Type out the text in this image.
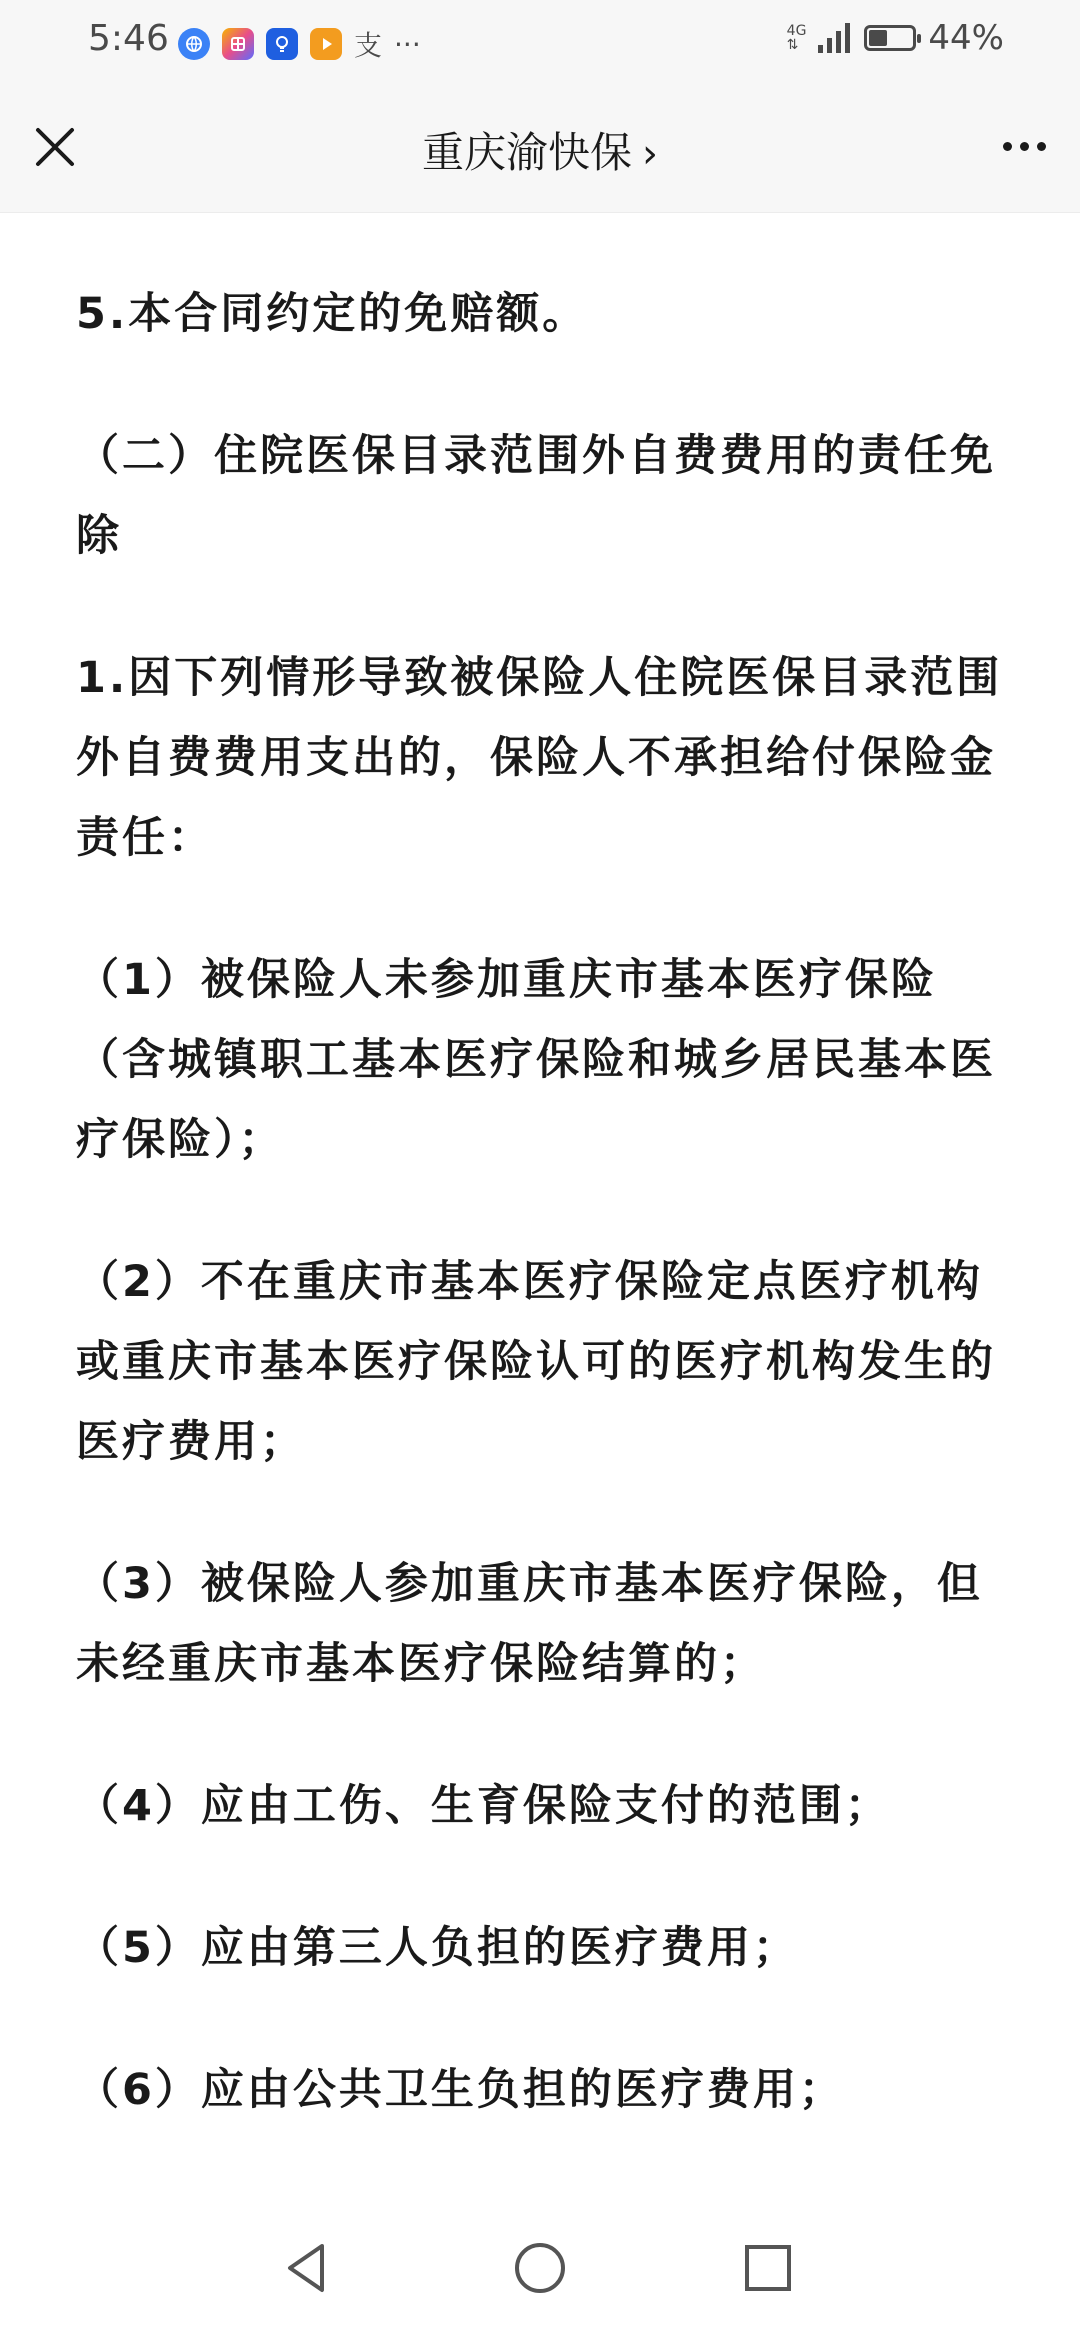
5:46	支 ···	4G
⇅	44%
重庆渝快保 ›

5.本合同约定的免赔额。

（二）住院医保目录范围外自费费用的责任免除

1.因下列情形导致被保险人住院医保目录范围外自费费用支出的，保险人不承担给付保险金责任：

（1）被保险人未参加重庆市基本医疗保险（含城镇职工基本医疗保险和城乡居民基本医疗保险）；

（2）不在重庆市基本医疗保险定点医疗机构或重庆市基本医疗保险认可的医疗机构发生的医疗费用；

（3）被保险人参加重庆市基本医疗保险，但未经重庆市基本医疗保险结算的；

（4）应由工伤、生育保险支付的范围；

（5）应由第三人负担的医疗费用；

（6）应由公共卫生负担的医疗费用；
